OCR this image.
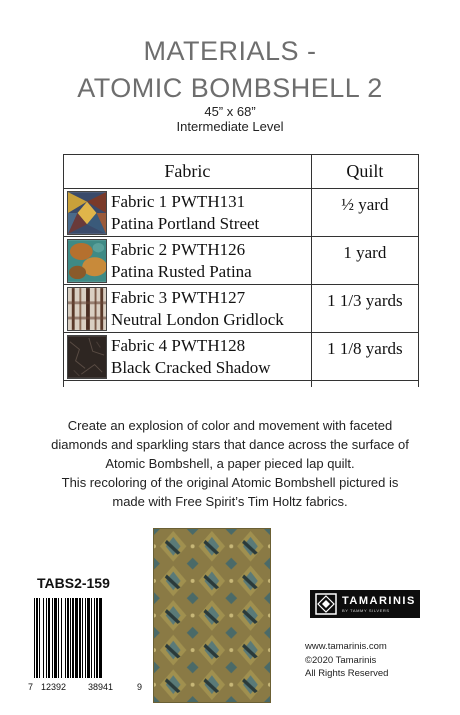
MATERIALS -
ATOMIC BOMBSHELL 2
45” x 68”
Intermediate Level
Fabric	Quilt

Fabric 1 PWTH131
Patina Portland Street	½ yard

Fabric 2 PWTH126
Patina Rusted Patina	1 yard

Fabric 3 PWTH127
Neutral London Gridlock	1 1/3 yards

Fabric 4 PWTH128
Black Cracked Shadow	1 1/8 yards

Create an explosion of color and movement with faceted
diamonds and sparkling stars that dance across the surface of
Atomic Bombshell, a paper pieced lap quilt.
This recoloring of the original Atomic Bombshell pictured is
made with Free Spirit’s Tim Holtz fabrics.
TABS2-159
7 12392 38941	9
TAMARINIS
BY TAMMY SILVERS
www.tamarinis.com
©2020 Tamarinis
All Rights Reserved
